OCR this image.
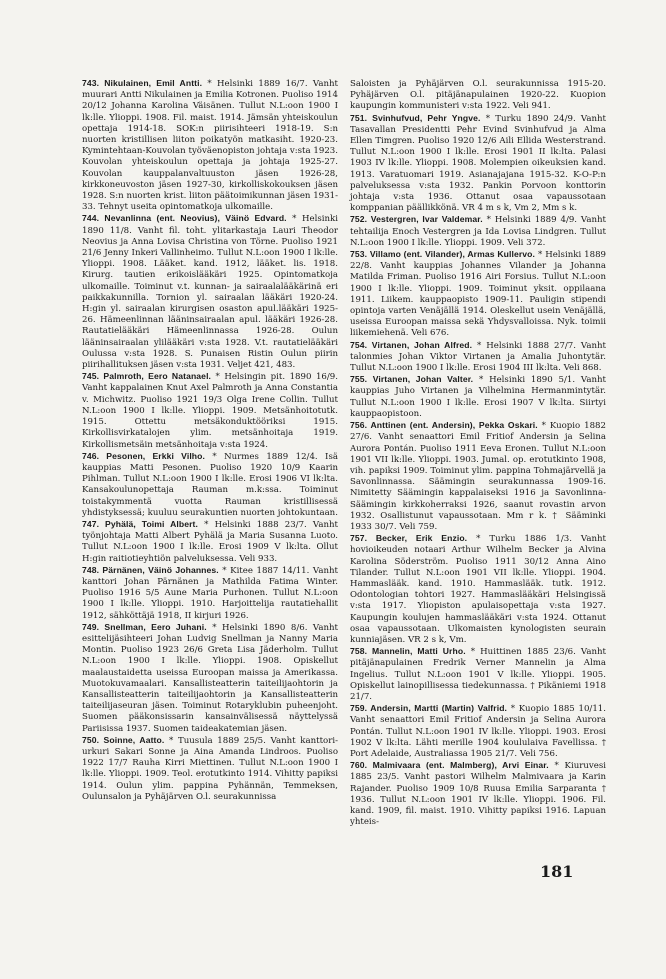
743. Nikulainen, Emil Antti. * Helsinki 1889 16/7. Vanht muurari Antti Nikulainen ja Emilia Kotronen. Puoliso 1914 20/12 Johanna Karolina Väisänen. Tullut N.L:oon 1900 I lk:lle. Ylioppi. 1908. Fil. maist. 1914. Jämsän yhteiskoulun opettaja 1914-18. SOK:n piirisihteeri 1918-19. S:n nuorten kristillisen liiton poikatyön matkasiht. 1920-23. Kymintehtaan-Kouvolan työväenopiston johtaja v:sta 1923. Kouvolan yhteiskoulun opettaja ja johtaja 1925-27. Kouvolan kauppalanvaltuuston jäsen 1926-28, kirkkoneuvoston jäsen 1927-30, kirkolliskokouksen jäsen 1928. S:n nuorten krist. liiton päätoimikunnan jäsen 1931-33. Tehnyt useita opintomatkoja ulkomaille.

744. Nevanlinna (ent. Neovius), Väinö Edvard. * Helsinki 1890 11/8. Vanht fil. toht. ylitarkastaja Lauri Theodor Neovius ja Anna Lovisa Christina von Törne. Puoliso 1921 21/6 Jenny Inkeri Vallinheimo. Tullut N.L:oon 1900 I lk:lle. Ylioppi. 1908. Lääket. kand. 1912, lääket. lis. 1918. Kirurg. tautien erikoislääkäri 1925. Opintomatkoja ulkomaille. Toiminut v.t. kunnan- ja sairaalalääkärinä eri paikkakunnilla. Tornion yl. sairaalan lääkäri 1920-24. H:gin yl. sairaalan kirurgisen osaston apul.lääkäri 1925-26. Hämeenlinnan lääninsairaalan apul. lääkäri 1926-28. Rautatielääkäri Hämeenlinnassa 1926-28. Oulun lääninsairaalan ylilääkäri v:sta 1928. V.t. rautatielääkäri Oulussa v:sta 1928. S. Punaisen Ristin Oulun piirin piirihallituksen jäsen v:sta 1931. Veljet 421, 483.

745. Palmroth, Eero Natanael. * Helsingin pit. 1890 16/9. Vanht kappalainen Knut Axel Palmroth ja Anna Constantia v. Michwitz. Puoliso 1921 19/3 Olga Irene Collin. Tullut N.L:oon 1900 I lk:lle. Ylioppi. 1909. Metsänhoitotutk. 1915. Ottettu metsäkonduktööriksi 1915. Kirkollisvirkatalojen ylim. metsänhoitaja 1919. Kirkollismetsäin metsänhoitaja v:sta 1924.

746. Pesonen, Erkki Vilho. * Nurmes 1889 12/4. Isä kauppias Matti Pesonen. Puoliso 1920 10/9 Kaarin Pihlman. Tullut N.L:oon 1900 I lk:lle. Erosi 1906 VI lk:lta. Kansakoulunopettaja Rauman m.k:ssa. Toiminut toistakymmentä vuotta Rauman kristillisessä yhdistyksessä; kuuluu seurakuntien nuorten johtokuntaan.

747. Pyhälä, Toimi Albert. * Helsinki 1888 23/7. Vanht työnjohtaja Matti Albert Pyhälä ja Maria Susanna Luoto. Tullut N.L:oon 1900 I lk:lle. Erosi 1909 V lk:lta. Ollut H:gin raitiotieyhtiön palveluksessa. Veli 933.

748. Pärnänen, Väinö Johannes. * Kitee 1887 14/11. Vanht kanttori Johan Pärnänen ja Mathilda Fatima Winter. Puoliso 1916 5/5 Aune Maria Purhonen. Tullut N.L:oon 1900 I lk:lle. Ylioppi. 1910. Harjoittelija rautatiehallit 1912, sähköttäjä 1918, II kirjuri 1926.

749. Snellman, Eero Juhani. * Helsinki 1890 8/6. Vanht esittelijäsihteeri Johan Ludvig Snellman ja Nanny Maria Montin. Puoliso 1923 26/6 Greta Lisa Jäderholm. Tullut N.L:oon 1900 I lk:lle. Ylioppi. 1908. Opiskellut maalaustaidetta useissa Euroopan maissa ja Amerikassa. Muotokuvamaalari. Kansallisteatterin taiteilijaohtorin ja Kansallisteatterin taiteilijaohtorin ja Kansallisteatterin taiteilijaseuran jäsen. Toiminut Rotaryklubin puheenjoht. Suomen pääkonsissarin kansainvälisessä näyttelyssä Pariisissa 1937. Suomen taideakatemian jäsen.

750. Soinne, Aatto. * Tuusula 1889 25/5. Vanht kanttori-urkuri Sakari Sonne ja Aina Amanda Lindroos. Puoliso 1922 17/7 Rauha Kirri Miettinen. Tullut N.L:oon 1900 I lk:lle. Ylioppi. 1909. Teol. erotutkinto 1914. Vihitty papiksi 1914. Oulun ylim. pappina Pyhännän, Temmeksen, Oulunsalon ja Pyhäjärven O.l. seurakunnissa

Saloisten ja Pyhäjärven O.l. seurakunnissa 1915-20. Pyhäjärven O.l. pitäjänapulainen 1920-22. Kuopion kaupungin kommunisteri v:sta 1922. Veli 941.

751. Svinhufvud, Pehr Yngve. * Turku 1890 24/9. Vanht Tasavallan Presidentti Pehr Evind Svinhufvud ja Alma Ellen Timgren. Puoliso 1920 12/6 Aili Ellida Westerstrand. Tullut N.L:oon 1900 I lk:lle. Erosi 1901 II lk:lta. Palasi 1903 IV lk:lle. Ylioppi. 1908. Molempien oikeuksien kand. 1913. Varatuomari 1919. Asianajajana 1915-32. K-O-P:n palveluksessa v:sta 1932. Pankin Porvoon konttorin johtaja v:sta 1936. Ottanut osaa vapaussotaan komppanian päällikkönä. VR 4 m s k, Vm 2, Mm s k.

752. Vestergren, Ivar Valdemar. * Helsinki 1889 4/9. Vanht tehtailija Enoch Vestergren ja Ida Lovisa Lindgren. Tullut N.L:oon 1900 I lk:lle. Ylioppi. 1909. Veli 372.

753. Villamo (ent. Vilander), Armas Kullervo. * Helsinki 1889 22/8. Vanht kauppias Johannes Vilander ja Johanna Matilda Friman. Puoliso 1916 Airi Forsius. Tullut N.L:oon 1900 I lk:lle. Ylioppi. 1909. Toiminut yksit. oppilaana 1911. Liikem. kauppaopisto 1909-11. Pauligin stipendi opintoja varten Venäjällä 1914. Oleskellut usein Venäjällä, useissa Euroopan maissa sekä Yhdysvalloissa. Nyk. toimii liikemiehenä. Veli 676.

754. Virtanen, Johan Alfred. * Helsinki 1888 27/7. Vanht talonmies Johan Viktor Virtanen ja Amalia Juhontytär. Tullut N.L:oon 1900 I lk:lle. Erosi 1904 III lk:lta. Veli 868.

755. Virtanen, Johan Valter. * Helsinki 1890 5/1. Vanht kauppias Juho Virtanen ja Vilhelmina Hermanmintytär. Tullut N.L:oon 1900 I lk:lle. Erosi 1907 V lk:lta. Siirtyi kauppaopistoon.

756. Anttinen (ent. Andersin), Pekka Oskari. * Kuopio 1882 27/6. Vanht senaattori Emil Fritiof Andersin ja Selina Aurora Pontán. Puoliso 1911 Eeva Eronen. Tullut N.L:oon 1901 VII lk:lle. Ylioppi. 1903. Jumal. op. erotutkinto 1908, vih. papiksi 1909. Toiminut ylim. pappina Tohmajärvellä ja Savonlinnassa. Säämingin seurakunnassa 1909-16. Nimitetty Säämingin kappalaiseksi 1916 ja Savonlinna-Säämingin kirkkoherraksi 1926, saanut rovastin arvon 1932. Osallistunut vapaussotaan. Mm r k. † Sääminki 1933 30/7. Veli 759.

757. Becker, Erik Enzio. * Turku 1886 1/3. Vanht hovioikeuden notaari Arthur Wilhelm Becker ja Alvina Karolina Söderström. Puoliso 1911 30/12 Anna Aino Tilander. Tullut N.L:oon 1901 VII lk:lle. Ylioppi. 1904. Hammaslääk. kand. 1910. Hammaslääk. tutk. 1912. Odontologian tohtori 1927. Hammaslääkäri Helsingissä v:sta 1917. Yliopiston apulaisopettaja v:sta 1927. Kaupungin koulujen hammaslääkäri v:sta 1924. Ottanut osaa vapaussotaan. Ulkomaisten kynologisten seurain kunniajäsen. VR 2 s k, Vm.

758. Mannelin, Matti Urho. * Huittinen 1885 23/6. Vanht pitäjänapulainen Fredrik Verner Mannelin ja Alma Ingelius. Tullut N.L:oon 1901 V lk:lle. Ylioppi. 1905. Opiskellut lainopillisessa tiedekunnassa. † Pikäniemi 1918 21/7.

759. Andersin, Martti (Martin) Valfrid. * Kuopio 1885 10/11. Vanht senaattori Emil Fritiof Andersin ja Selina Aurora Pontán. Tullut N.L:oon 1901 IV lk:lle. Ylioppi. 1903. Erosi 1902 V lk:lta. Lähti merille 1904 koululaiva Favellissa. † Port Adelaide, Australiassa 1905 21/7. Veli 756.

760. Malmivaara (ent. Malmberg), Arvi Einar. * Kiuruvesi 1885 23/5. Vanht pastori Wilhelm Malmivaara ja Karin Rajander. Puoliso 1909 10/8 Ruusa Emilia Sarparanta † 1936. Tullut N.L:oon 1901 IV lk:lle. Ylioppi. 1906. Fil. kand. 1909, fil. maist. 1910. Vihitty papiksi 1916. Lapuan yhteis-

181
